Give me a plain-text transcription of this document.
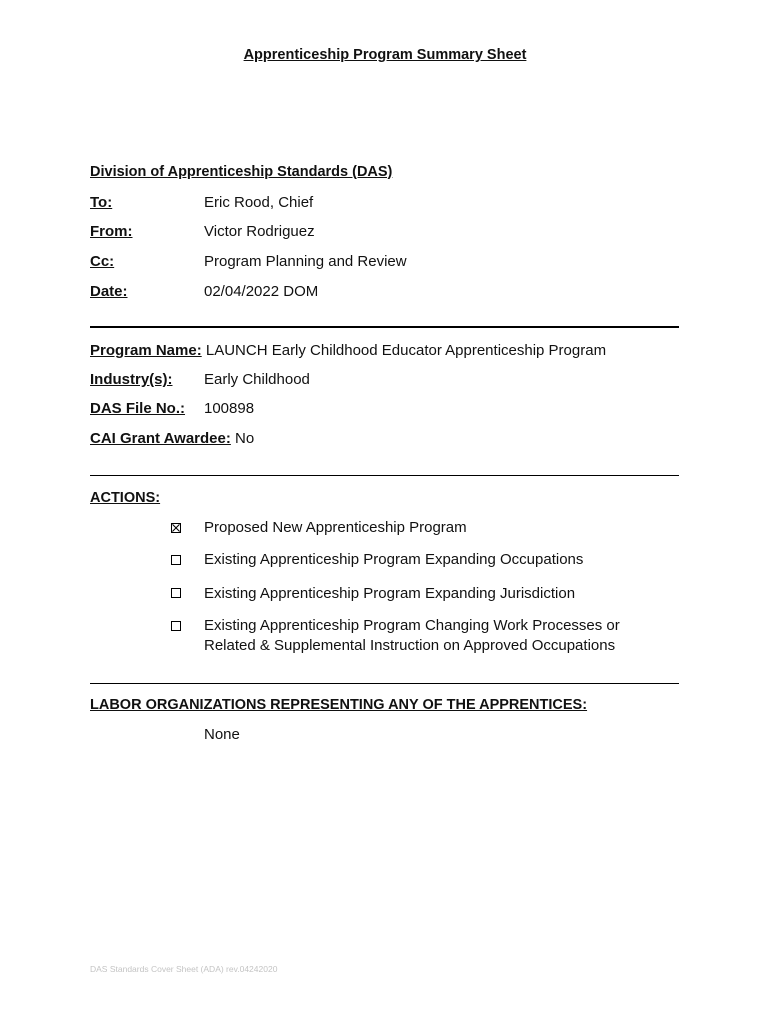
Apprenticeship Program Summary Sheet
Division of Apprenticeship Standards (DAS)
To:	Eric Rood, Chief
From:	Victor Rodriguez
Cc:	Program Planning and Review
Date:	02/04/2022 DOM
Program Name: LAUNCH Early Childhood Educator Apprenticeship Program
Industry(s): Early Childhood
DAS File No.: 100898
CAI Grant Awardee: No
ACTIONS:
Proposed New Apprenticeship Program
Existing Apprenticeship Program Expanding Occupations
Existing Apprenticeship Program Expanding Jurisdiction
Existing Apprenticeship Program Changing Work Processes or Related & Supplemental Instruction on Approved Occupations
LABOR ORGANIZATIONS REPRESENTING ANY OF THE APPRENTICES:
None
DAS Standards Cover Sheet (ADA) rev.04242020
